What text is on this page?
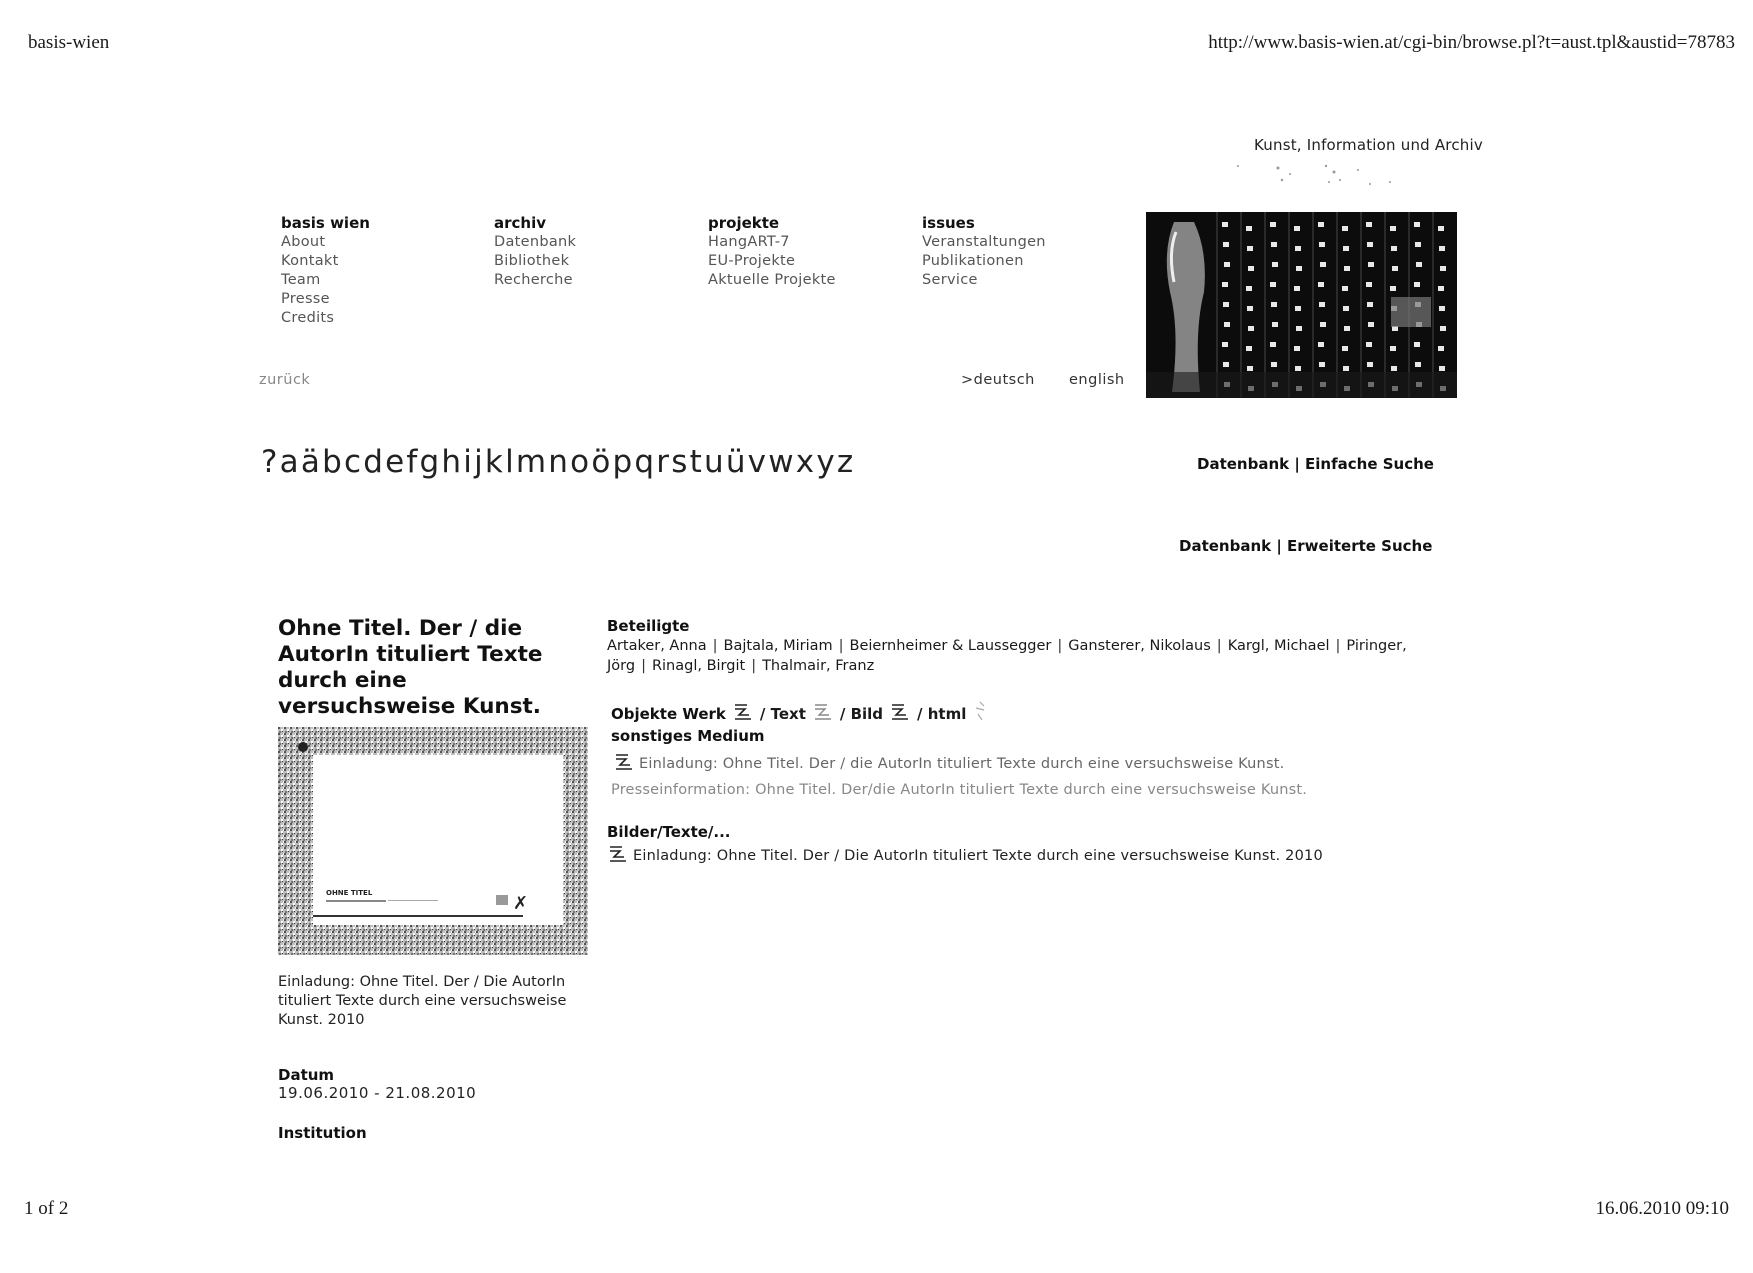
basis-wien	http://www.basis-wien.at/cgi-bin/browse.pl?t=aust.tpl&austid=78783
Kunst, Information und Archiv
basis wien
About
Kontakt
Team
Presse
Credits
archiv
Datenbank
Bibliothek
Recherche
projekte
HangART-7
EU-Projekte
Aktuelle Projekte
issues
Veranstaltungen
Publikationen
Service
zurück	>deutsch english
?aäbcdefghijklmnoöpqrstuüvwxyz	Datenbank | Einfache Suche
Datenbank | Erweiterte Suche
Ohne Titel. Der / die AutorIn tituliert Texte durch eine versuchsweise Kunst.
OHNE TITEL	✗
Einladung: Ohne Titel. Der / Die AutorIn tituliert Texte durch eine versuchsweise Kunst. 2010
Datum
19.06.2010 - 21.08.2010
Institution
Beteiligte
Artaker, Anna | Bajtala, Miriam | Beiernheimer & Laussegger | Gansterer, Nikolaus | Kargl, Michael | Piringer, Jörg | Rinagl, Birgit | Thalmair, Franz
Objekte Werk / Text / Bild / html
sonstiges Medium
Einladung: Ohne Titel. Der / die AutorIn tituliert Texte durch eine versuchsweise Kunst.
Presseinformation: Ohne Titel. Der/die AutorIn tituliert Texte durch eine versuchsweise Kunst.
Bilder/Texte/...
Einladung: Ohne Titel. Der / Die AutorIn tituliert Texte durch eine versuchsweise Kunst. 2010
1 of 2	16.06.2010 09:10
